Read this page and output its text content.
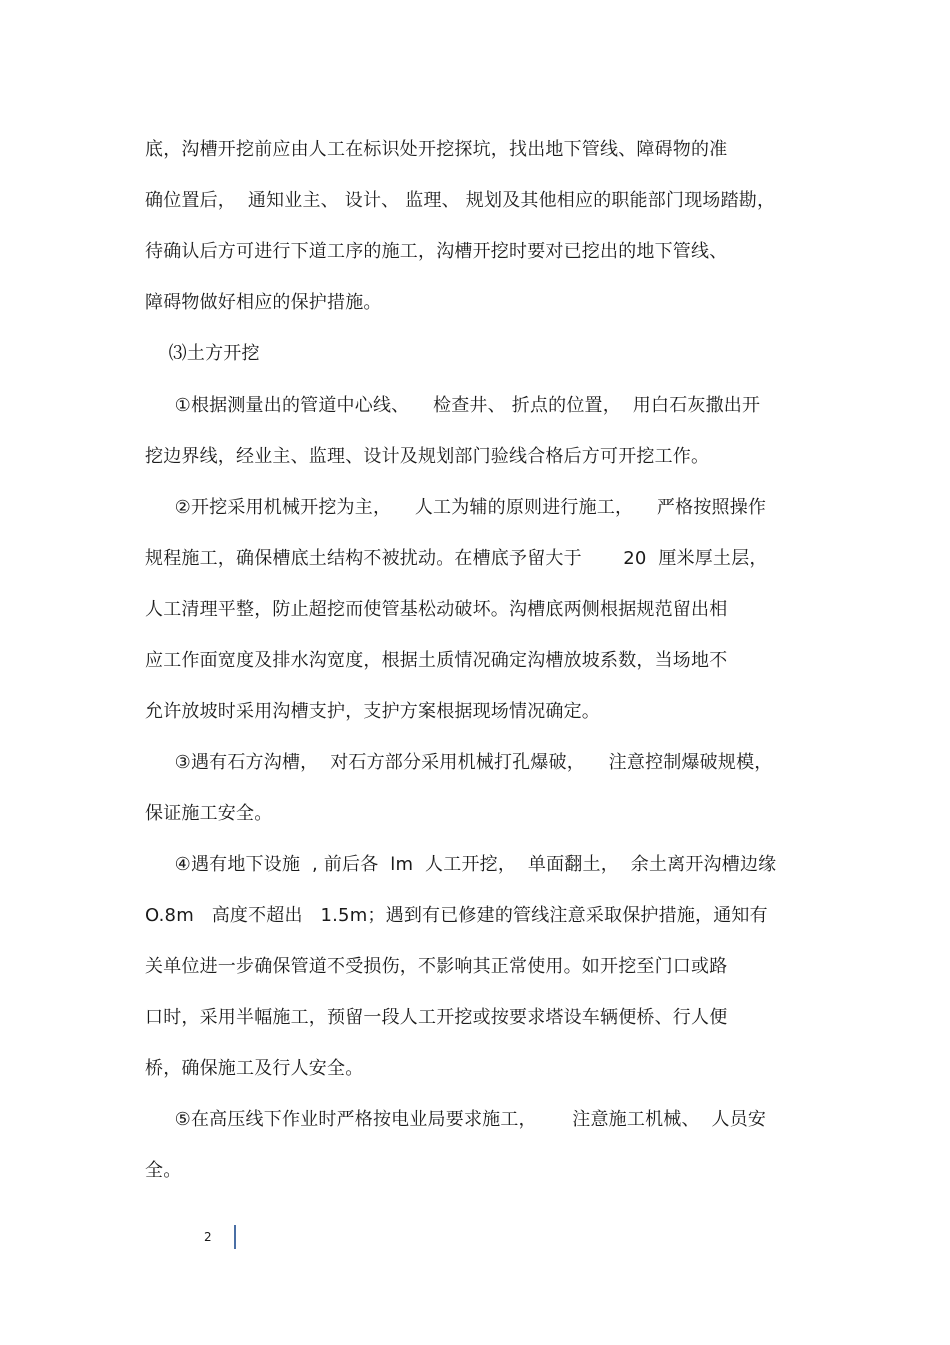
底，沟槽开挖前应由人工在标识处开挖探坑，找出地下管线、障碍物的准
确位置后，  通知业主、 设计、 监理、 规划及其他相应的职能部门现场踏勘，
待确认后方可进行下道工序的施工，沟槽开挖时要对已挖出的地下管线、
障碍物做好相应的保护措施。
⑶土方开挖
①根据测量出的管道中心线、    检查井、 折点的位置，  用白石灰撒出开
挖边界线，经业主、监理、设计及规划部门验线合格后方可开挖工作。
②开挖采用机械开挖为主，    人工为辅的原则进行施工，    严格按照操作
规程施工，确保槽底土结构不被扰动。在槽底予留大于       20  厘米厚土层，
人工清理平整，防止超挖而使管基松动破坏。沟槽底两侧根据规范留出相
应工作面宽度及排水沟宽度，根据土质情况确定沟槽放坡系数，当场地不
允许放坡时采用沟槽支护，支护方案根据现场情况确定。
③遇有石方沟槽，  对石方部分采用机械打孔爆破，    注意控制爆破规模，
保证施工安全。
④遇有地下设施  , 前后各  lm  人工开挖，  单面翻土，  余土离开沟槽边缘
O.8m   高度不超出   1.5m；遇到有已修建的管线注意采取保护措施，通知有
关单位进一步确保管道不受损伤，不影响其正常使用。如开挖至门口或路
口时，采用半幅施工，预留一段人工开挖或按要求塔设车辆便桥、行人便
桥，确保施工及行人安全。
⑤在高压线下作业时严格按电业局要求施工，      注意施工机械、  人员安
全。
2
